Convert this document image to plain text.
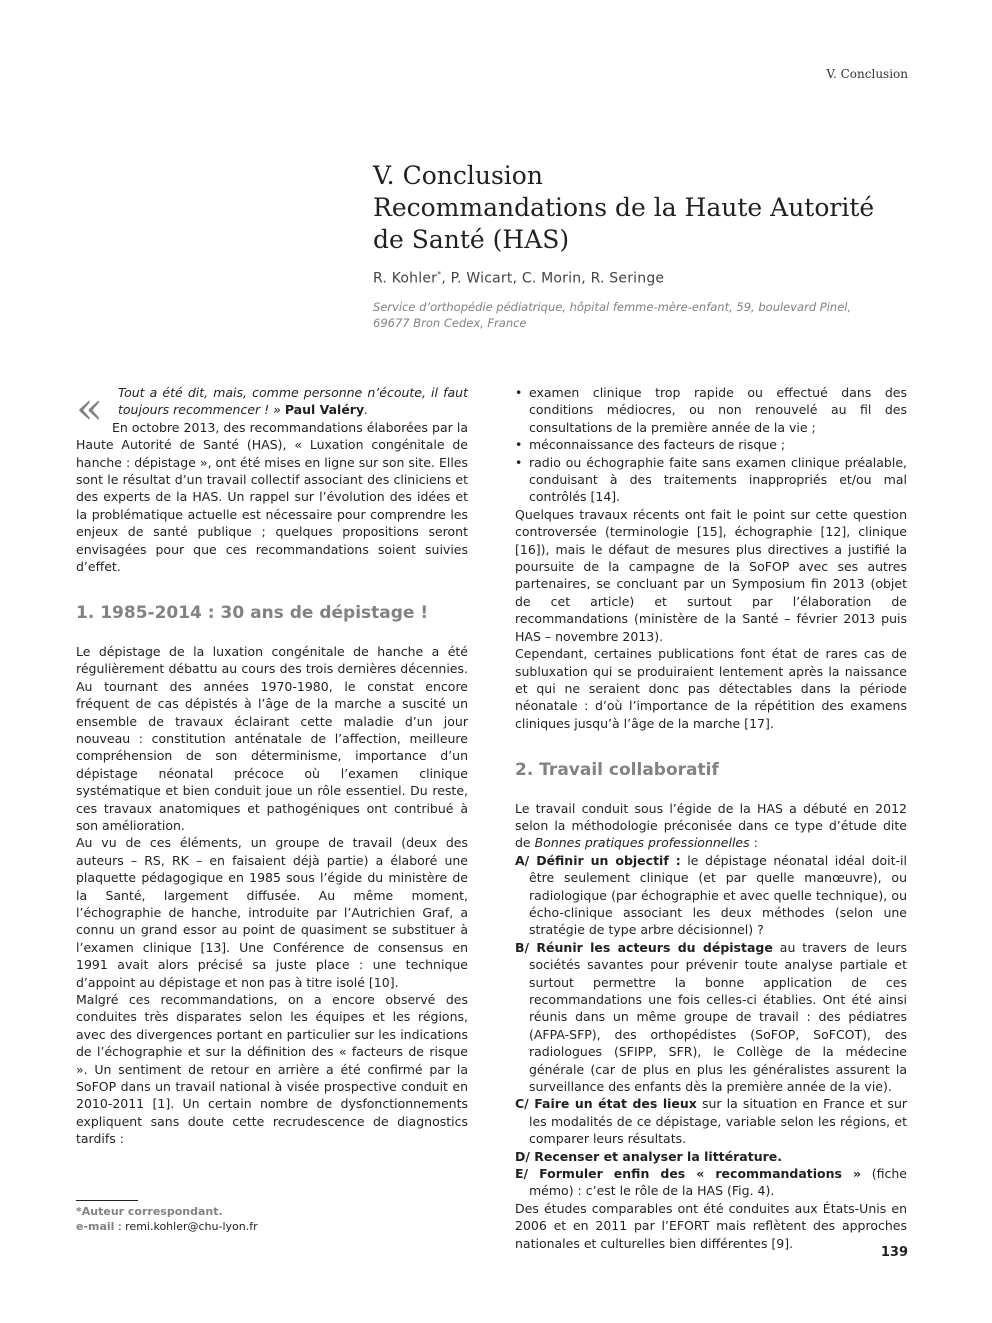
V. Conclusion
V. Conclusion
Recommandations de la Haute Autorité
de Santé (HAS)
R. Kohler*, P. Wicart, C. Morin, R. Seringe
Service d’orthopédie pédiatrique, hôpital femme-mère-enfant, 59, boulevard Pinel,
69677 Bron Cedex, France
« Tout a été dit, mais, comme personne n’écoute, il faut toujours recommencer ! » Paul Valéry.

En octobre 2013, des recommandations élaborées par la Haute Autorité de Santé (HAS), « Luxation congénitale de hanche : dépistage », ont été mises en ligne sur son site. Elles sont le résultat d’un travail collectif associant des cliniciens et des experts de la HAS. Un rappel sur l’évolution des idées et la problématique actuelle est nécessaire pour comprendre les enjeux de santé publique ; quelques propositions seront envisagées pour que ces recommandations soient suivies d’effet.

1. 1985-2014 : 30 ans de dépistage !

Le dépistage de la luxation congénitale de hanche a été régulièrement débattu au cours des trois dernières décennies. Au tournant des années 1970-1980, le constat encore fréquent de cas dépistés à l’âge de la marche a suscité un ensemble de travaux éclairant cette maladie d’un jour nouveau : constitution anténatale de l’affection, meilleure compréhension de son déterminisme, importance d’un dépistage néonatal précoce où l’examen clinique systématique et bien conduit joue un rôle essentiel. Du reste, ces travaux anatomiques et pathogéniques ont contribué à son amélioration.

Au vu de ces éléments, un groupe de travail (deux des auteurs – RS, RK – en faisaient déjà partie) a élaboré une plaquette pédagogique en 1985 sous l’égide du ministère de la Santé, largement diffusée. Au même moment, l’échographie de hanche, introduite par l’Autrichien Graf, a connu un grand essor au point de quasiment se substituer à l’examen clinique [13]. Une Conférence de consensus en 1991 avait alors précisé sa juste place : une technique d’appoint au dépistage et non pas à titre isolé [10].

Malgré ces recommandations, on a encore observé des conduites très disparates selon les équipes et les régions, avec des divergences portant en particulier sur les indications de l’échographie et sur la définition des « facteurs de risque ». Un sentiment de retour en arrière a été confirmé par la SoFOP dans un travail national à visée prospective conduit en 2010-2011 [1]. Un certain nombre de dysfonctionnements expliquent sans doute cette recrudescence de diagnostics tardifs :

• examen clinique trop rapide ou effectué dans des conditions médiocres, ou non renouvelé au fil des consultations de la première année de la vie ;
• méconnaissance des facteurs de risque ;
• radio ou échographie faite sans examen clinique préalable, conduisant à des traitements inappropriés et/ou mal contrôlés [14].

Quelques travaux récents ont fait le point sur cette question controversée (terminologie [15], échographie [12], clinique [16]), mais le défaut de mesures plus directives a justifié la poursuite de la campagne de la SoFOP avec ses autres partenaires, se concluant par un Symposium fin 2013 (objet de cet article) et surtout par l’élaboration de recommandations (ministère de la Santé – février 2013 puis HAS – novembre 2013).

Cependant, certaines publications font état de rares cas de subluxation qui se produiraient lentement après la naissance et qui ne seraient donc pas détectables dans la période néonatale : d’où l’importance de la répétition des examens cliniques jusqu’à l’âge de la marche [17].

2. Travail collaboratif

Le travail conduit sous l’égide de la HAS a débuté en 2012 selon la méthodologie préconisée dans ce type d’étude dite de Bonnes pratiques professionnelles :

A/ Définir un objectif : le dépistage néonatal idéal doit-il être seulement clinique (et par quelle manœuvre), ou radiologique (par échographie et avec quelle technique), ou écho-clinique associant les deux méthodes (selon une stratégie de type arbre décisionnel) ?
B/ Réunir les acteurs du dépistage au travers de leurs sociétés savantes pour prévenir toute analyse partiale et surtout permettre la bonne application de ces recommandations une fois celles-ci établies. Ont été ainsi réunis dans un même groupe de travail : des pédiatres (AFPA-SFP), des orthopédistes (SoFOP, SoFCOT), des radiologues (SFIPP, SFR), le Collège de la médecine générale (car de plus en plus les généralistes assurent la surveillance des enfants dès la première année de la vie).
C/ Faire un état des lieux sur la situation en France et sur les modalités de ce dépistage, variable selon les régions, et comparer leurs résultats.
D/ Recenser et analyser la littérature.
E/ Formuler enfin des « recommandations » (fiche mémo) : c’est le rôle de la HAS (Fig. 4).

Des études comparables ont été conduites aux États-Unis en 2006 et en 2011 par l’EFORT mais reflètent des approches nationales et culturelles bien différentes [9].

*Auteur correspondant.
e-mail : remi.kohler@chu-lyon.fr
139
